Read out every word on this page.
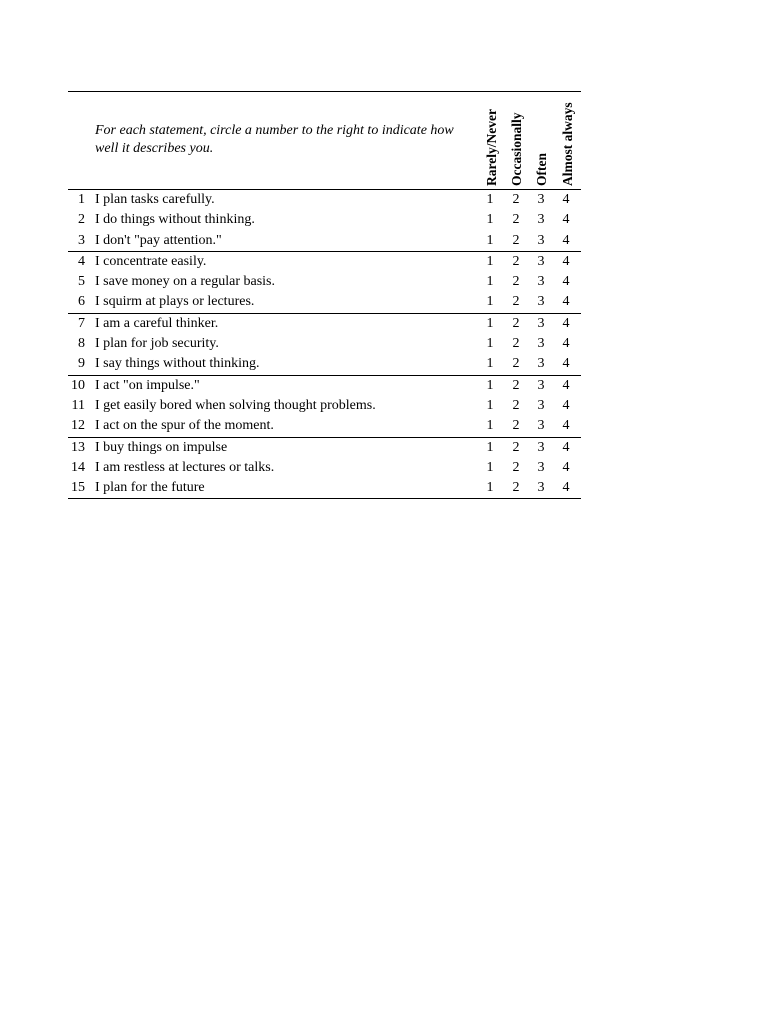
For each statement, circle a number to the right to indicate how well it describes you.	Rarely/Never Occasionally Often Almost always
1 I plan tasks carefully.	1 2 3 4
2 I do things without thinking.	1 2 3 4
3 I don't "pay attention."	1 2 3 4
4 I concentrate easily.	1 2 3 4
5 I save money on a regular basis.	1 2 3 4
6 I squirm at plays or lectures.	1 2 3 4
7 I am a careful thinker.	1 2 3 4
8 I plan for job security.	1 2 3 4
9 I say things without thinking.	1 2 3 4
10 I act "on impulse."	1 2 3 4
11 I get easily bored when solving thought problems.	1 2 3 4
12 I act on the spur of the moment.	1 2 3 4
13 I buy things on impulse	1 2 3 4
14 I am restless at lectures or talks.	1 2 3 4
15 I plan for the future	1 2 3 4
